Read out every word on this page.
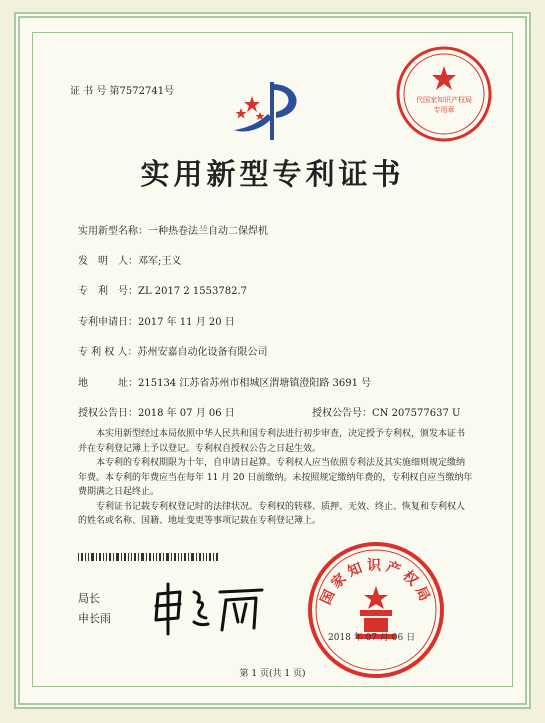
证 书 号 第7572741号
代国家知识产权局
专用章
实用新型专利证书
实用新型名称：一种热卷法兰自动二保焊机
发　明　人：邓军;王义
专　利　号：ZL 2017 2 1553782.7
专利申请日：2017 年 11 月 20 日
专 利 权 人：苏州安嘉自动化设备有限公司
地　　　址：215134 江苏省苏州市相城区渭塘镇澄阳路 3691 号
授权公告日：2018 年 07 月 06 日	授权公告号：CN 207577637 U

本实用新型经过本局依照中华人民共和国专利法进行初步审查，决定授予专利权，颁发本证书并在专利登记簿上予以登记。专利权自授权公告之日起生效。

本专利的专利权期限为十年，自申请日起算。专利权人应当依照专利法及其实施细则规定缴纳年费。本专利的年费应当在每年 11 月 20 日前缴纳。未按照规定缴纳年费的，专利权自应当缴纳年费期满之日起终止。

专利证书记载专利权登记时的法律状况。专利权的转移、质押、无效、终止、恢复和专利权人的姓名或名称、国籍、地址变更等事项记载在专利登记簿上。

局长
申长雨
国家知识产权局
2018 年 07 月 06 日
第 1 页(共 1 页)
